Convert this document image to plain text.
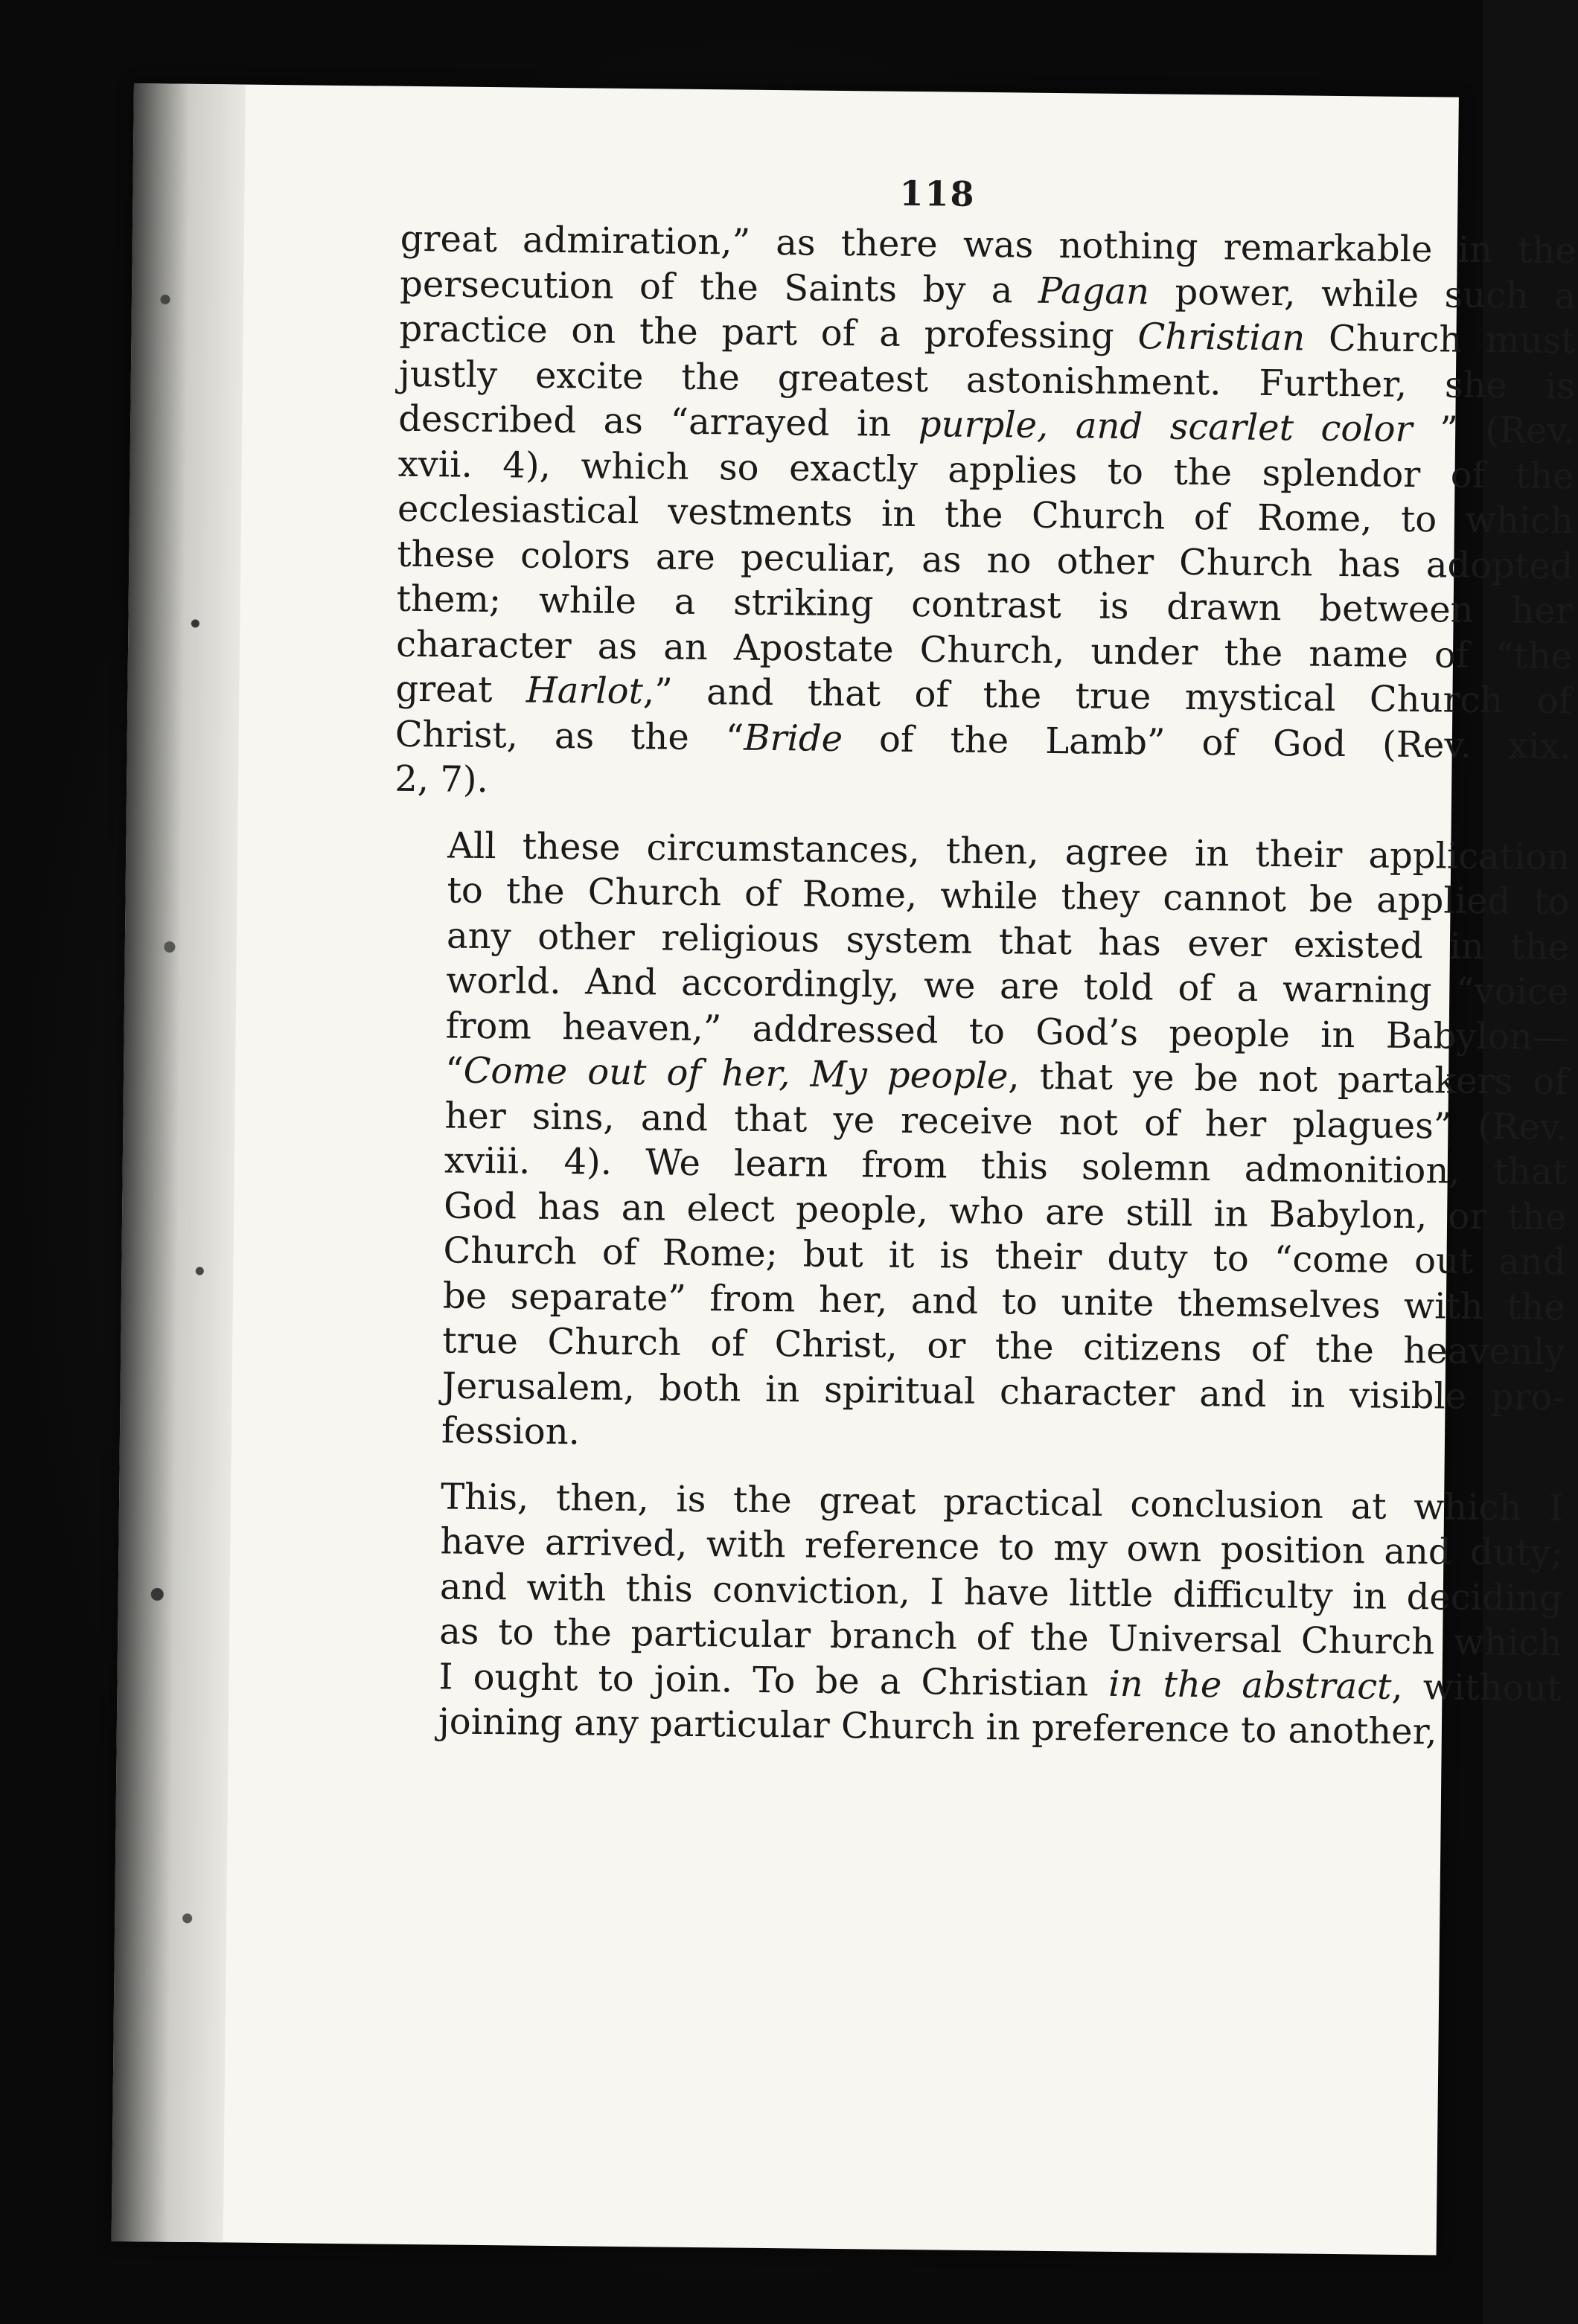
118
great admiration,” as there was nothing remarkable in the
persecution of the Saints by a Pagan power, while such a
practice on the part of a professing Christian Church must
justly excite the greatest astonishment. Further, she is
described as “arrayed in purple, and scarlet color ” (Rev.
xvii. 4), which so exactly applies to the splendor of the
ecclesiastical vestments in the Church of Rome, to which
these colors are peculiar, as no other Church has adopted
them; while a striking contrast is drawn between her
character as an Apostate Church, under the name of “the
great Harlot,” and that of the true mystical Church of
Christ, as the “Bride of the Lamb” of God (Rev. xix.
2, 7).
All these circumstances, then, agree in their application
to the Church of Rome, while they cannot be applied to
any other religious system that has ever existed in the
world. And accordingly, we are told of a warning “voice
from heaven,” addressed to God’s people in Babylon—
“Come out of her, My people, that ye be not partakers of
her sins, and that ye receive not of her plagues” (Rev.
xviii. 4). We learn from this solemn admonition, that
God has an elect people, who are still in Babylon, or the
Church of Rome; but it is their duty to “come out and
be separate” from her, and to unite themselves with the
true Church of Christ, or the citizens of the heavenly
Jerusalem, both in spiritual character and in visible pro-
fession.
This, then, is the great practical conclusion at which I
have arrived, with reference to my own position and duty;
and with this conviction, I have little difficulty in deciding
as to the particular branch of the Universal Church which
I ought to join. To be a Christian in the abstract, without
joining any particular Church in preference to another,
